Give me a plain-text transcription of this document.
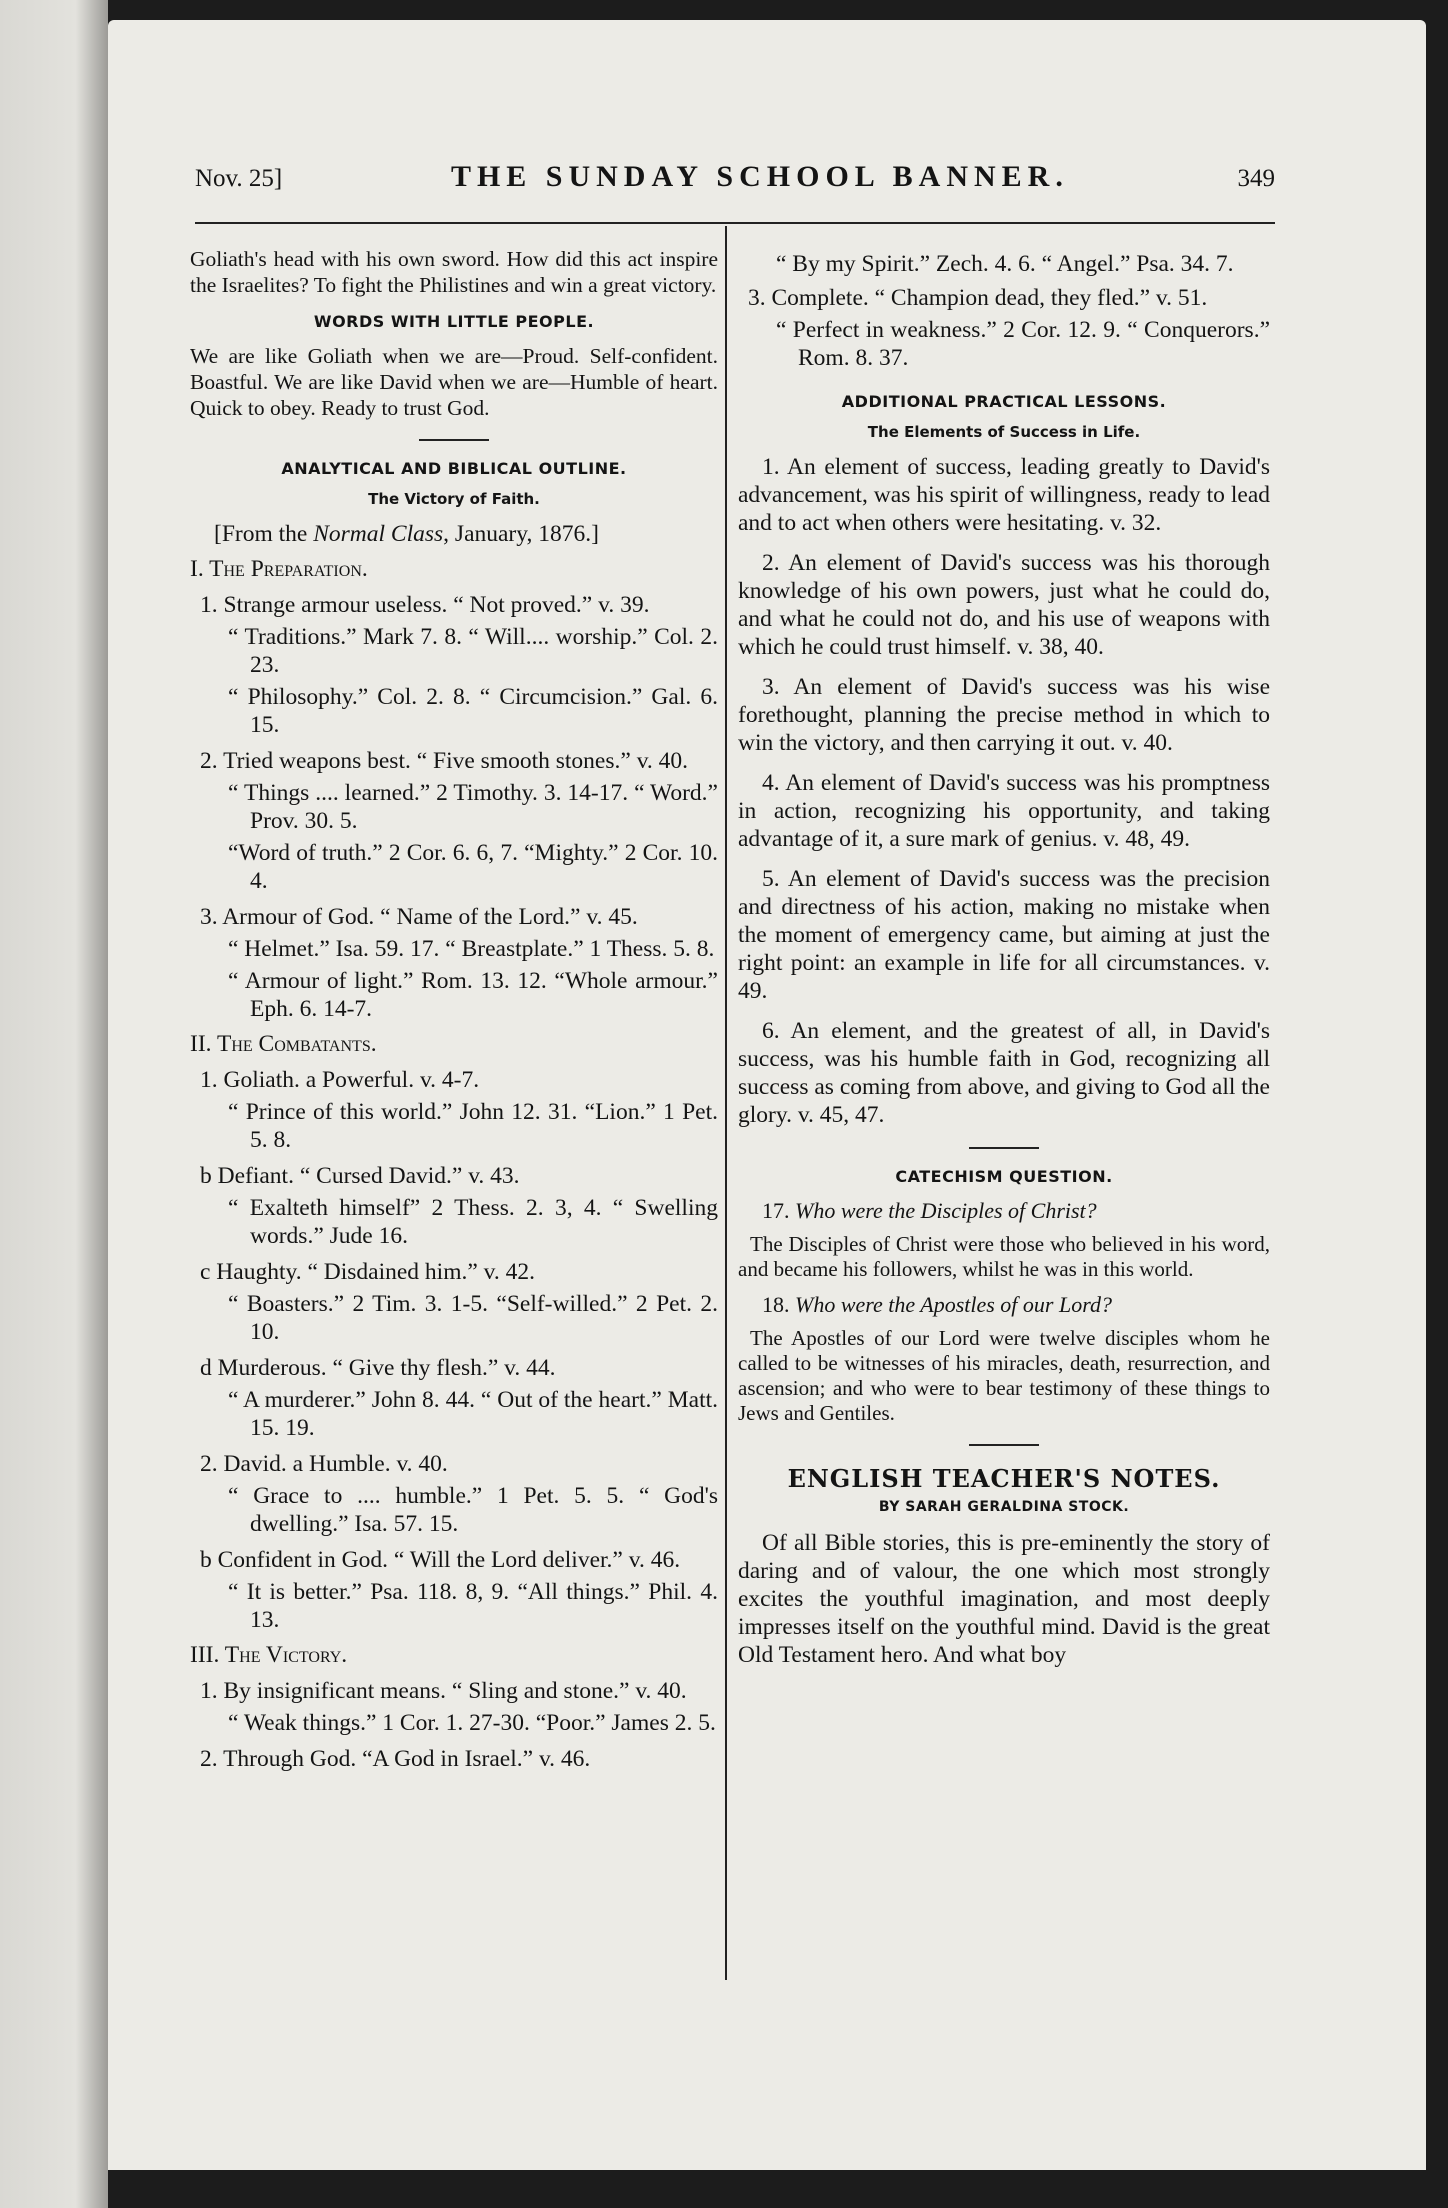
Nov. 25]	THE SUNDAY SCHOOL BANNER.	349

Goliath's head with his own sword. How did this act inspire the Israelites? To fight the Philistines and win a great victory.

WORDS WITH LITTLE PEOPLE.

We are like Goliath when we are—Proud. Self-confident. Boastful. We are like David when we are—Humble of heart. Quick to obey. Ready to trust God.

ANALYTICAL AND BIBLICAL OUTLINE.
The Victory of Faith.

[From the Normal Class, January, 1876.]

I. The Preparation.

1. Strange armour useless. “ Not proved.” v. 39.

“ Traditions.” Mark 7. 8. “ Will.... worship.” Col. 2. 23.

“ Philosophy.” Col. 2. 8. “ Circumcision.” Gal. 6. 15.

2. Tried weapons best. “ Five smooth stones.” v. 40.

“ Things .... learned.” 2 Timothy. 3. 14-17. “ Word.” Prov. 30. 5.

“Word of truth.” 2 Cor. 6. 6, 7. “Mighty.” 2 Cor. 10. 4.

3. Armour of God. “ Name of the Lord.” v. 45.

“ Helmet.” Isa. 59. 17. “ Breastplate.” 1 Thess. 5. 8.

“ Armour of light.” Rom. 13. 12. “Whole armour.” Eph. 6. 14-7.

II. The Combatants.

1. Goliath. a Powerful. v. 4-7.

“ Prince of this world.” John 12. 31. “Lion.” 1 Pet. 5. 8.

b Defiant. “ Cursed David.” v. 43.

“ Exalteth himself” 2 Thess. 2. 3, 4. “ Swelling words.” Jude 16.

c Haughty. “ Disdained him.” v. 42.

“ Boasters.” 2 Tim. 3. 1-5. “Self-willed.” 2 Pet. 2. 10.

d Murderous. “ Give thy flesh.” v. 44.

“ A murderer.” John 8. 44. “ Out of the heart.” Matt. 15. 19.

2. David. a Humble. v. 40.

“ Grace to .... humble.” 1 Pet. 5. 5. “ God's dwelling.” Isa. 57. 15.

b Confident in God. “ Will the Lord deliver.” v. 46.

“ It is better.” Psa. 118. 8, 9. “All things.” Phil. 4. 13.

III. The Victory.

1. By insignificant means. “ Sling and stone.” v. 40.

“ Weak things.” 1 Cor. 1. 27-30. “Poor.” James 2. 5.

2. Through God. “A God in Israel.” v. 46.

“ By my Spirit.” Zech. 4. 6. “ Angel.” Psa. 34. 7.

3. Complete. “ Champion dead, they fled.” v. 51.

“ Perfect in weakness.” 2 Cor. 12. 9. “ Conquerors.” Rom. 8. 37.

ADDITIONAL PRACTICAL LESSONS.
The Elements of Success in Life.

1. An element of success, leading greatly to David's advancement, was his spirit of willingness, ready to lead and to act when others were hesitating. v. 32.

2. An element of David's success was his thorough knowledge of his own powers, just what he could do, and what he could not do, and his use of weapons with which he could trust himself. v. 38, 40.

3. An element of David's success was his wise forethought, planning the precise method in which to win the victory, and then carrying it out. v. 40.

4. An element of David's success was his promptness in action, recognizing his opportunity, and taking advantage of it, a sure mark of genius. v. 48, 49.

5. An element of David's success was the precision and directness of his action, making no mistake when the moment of emergency came, but aiming at just the right point: an example in life for all circumstances. v. 49.

6. An element, and the greatest of all, in David's success, was his humble faith in God, recognizing all success as coming from above, and giving to God all the glory. v. 45, 47.

CATECHISM QUESTION.

17. Who were the Disciples of Christ?

The Disciples of Christ were those who believed in his word, and became his followers, whilst he was in this world.

18. Who were the Apostles of our Lord?

The Apostles of our Lord were twelve disciples whom he called to be witnesses of his miracles, death, resurrection, and ascension; and who were to bear testimony of these things to Jews and Gentiles.

ENGLISH TEACHER'S NOTES.
BY SARAH GERALDINA STOCK.

Of all Bible stories, this is pre-eminently the story of daring and of valour, the one which most strongly excites the youthful imagination, and most deeply impresses itself on the youthful mind. David is the great Old Testament hero. And what boy
